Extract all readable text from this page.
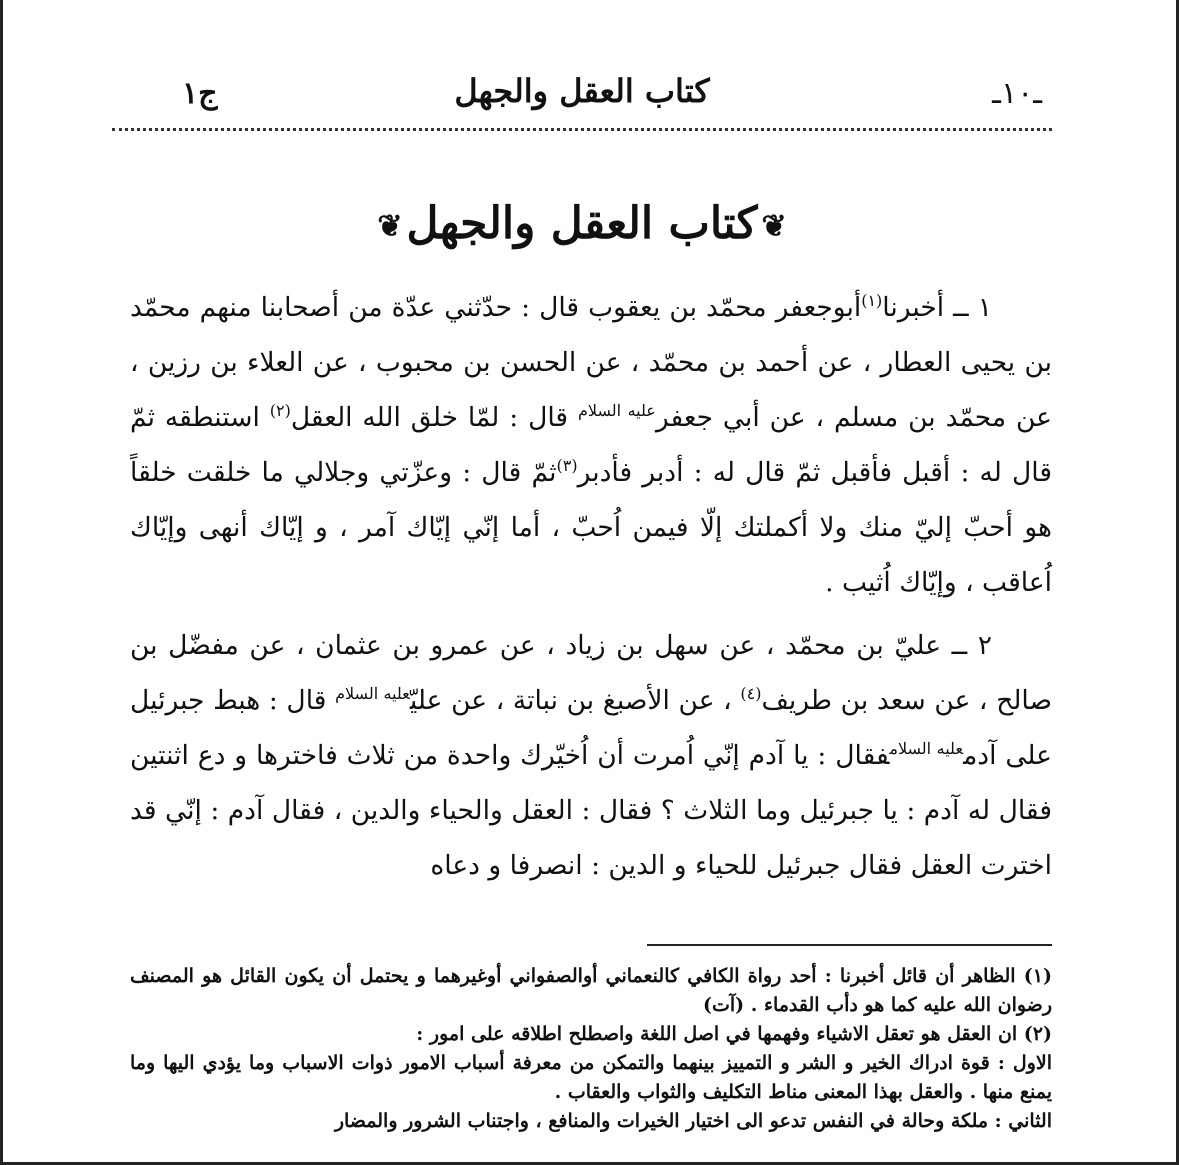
ـ١٠ـ
كتاب العقل والجهل
ج١
❦كتاب العقل والجهل❦

١ ــ أخبرنا$^{(١)}$أبوجعفر محمّد بن يعقوب قال : حدّثني عدّة من أصحابنا منهم محمّد بن يحيى العطار ، عن أحمد بن محمّد ، عن الحسن بن محبوب ، عن العلاء بن رزين ، عن محمّد بن مسلم ، عن أبي جعفر$^{عليه السلام}$ قال : لمّا خلق الله العقل$^{(٢)}$ استنطقه ثمّ قال له : أقبل فأقبل ثمّ قال له : أدبر فأدبر$^{(٣)}$ثمّ قال : وعزّتي وجلالي ما خلقت خلقاً هو أحبّ إليّ منك ولا أكملتك إلّا فيمن اُحبّ ، أما إنّي إيّاك آمر ، و إيّاك أنهى وإيّاك اُعاقب ، وإيّاك اُثيب .

٢ ــ عليّ بن محمّد ، عن سهل بن زياد ، عن عمرو بن عثمان ، عن مفضّل بن صالح ، عن سعد بن طريف$^{(٤)}$ ، عن الأصبغ بن نباتة ، عن عليّ$^{عليه السلام}$ قال : هبط جبرئيل على آدم$^{عليه السلام}$فقال : يا آدم إنّي اُمرت أن اُخيّرك واحدة من ثلاث فاخترها و دع اثنتين فقال له آدم : يا جبرئيل وما الثلاث ؟ فقال : العقل والحياء والدين ، فقال آدم : إنّي قد اخترت العقل فقال جبرئيل للحياء و الدين : انصرفا و دعاه

(١) الظاهر أن قائل أخبرنا : أحد رواة الكافي كالنعماني أوالصفواني أوغيرهما و يحتمل أن يكون القائل هو المصنف رضوان الله عليه كما هو دأب القدماء . (آت)

(٢) ان العقل هو تعقل الاشياء وفهمها في اصل اللغة واصطلح اطلاقه على امور :

الاول : قوة ادراك الخير و الشر و التمييز بينهما والتمكن من معرفة أسباب الامور ذوات الاسباب وما يؤدي اليها وما يمنع منها . والعقل بهذا المعنى مناط التكليف والثواب والعقاب .

الثاني : ملكة وحالة في النفس تدعو الى اختيار الخيرات والمنافع ، واجتناب الشرور والمضار
